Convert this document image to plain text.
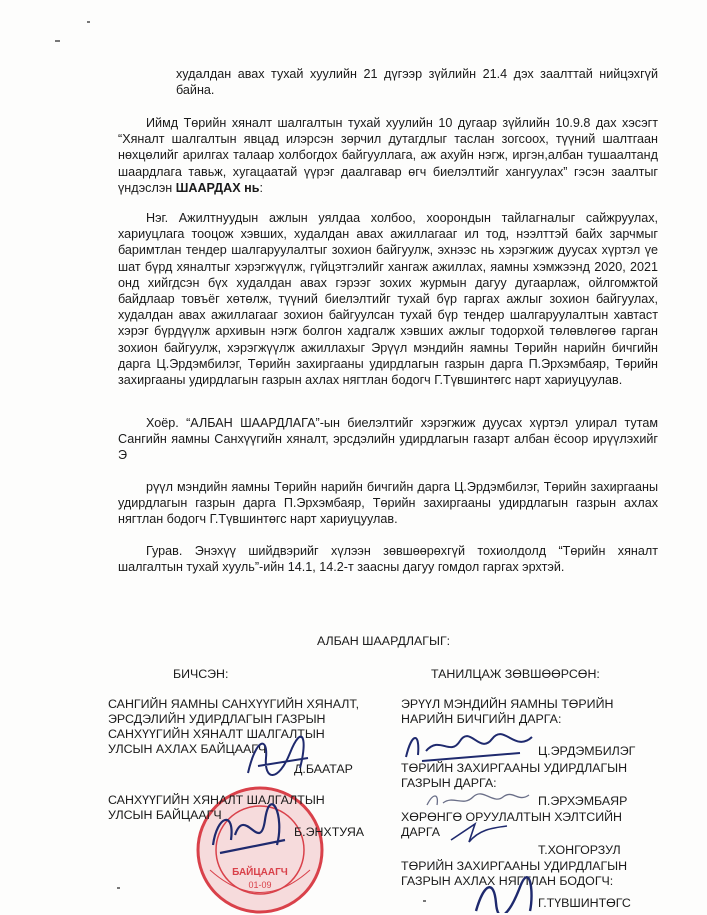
худалдан авах тухай хуулийн 21 дүгээр зүйлийн 21.4 дэх заалттай нийцэхгүй байна.

Иймд Төрийн хяналт шалгалтын тухай хуулийн 10 дугаар зүйлийн 10.9.8 дах хэсэгт “Хяналт шалгалтын явцад илэрсэн зөрчил дутагдлыг таслан зогсоох, түүний шалтгаан нөхцөлийг арилгах талаар холбогдох байгууллага, аж ахуйн нэгж, иргэн,албан тушаалтанд шаардлага тавьж, хугацаатай үүрэг даалгавар өгч биелэлтийг хангуулах” гэсэн заалтыг үндэслэн ШААРДАХ нь:

Нэг. Ажилтнуудын ажлын уялдаа холбоо, хоорондын тайлагналыг сайжруулах, хариуцлага тооцож хэвших, худалдан авах ажиллагааг ил тод, нээлттэй байх зарчмыг баримтлан тендер шалгаруулалтыг зохион байгуулж, эхнээс нь хэрэгжиж дуусах хүртэл үе шат бүрд хяналтыг хэрэгжүүлж, гүйцэтгэлийг хангаж ажиллах, яамны хэмжээнд 2020, 2021 онд хийгдсэн бүх худалдан авах гэрээг зохих журмын дагуу дугаарлаж, ойлгомжтой байдлаар товъёг хөтөлж, түүний биелэлтийг тухай бүр гаргах ажлыг зохион байгуулах, худалдан авах ажиллагааг зохион байгуулсан тухай бүр тендер шалгаруулалтын хавтаст хэрэг бүрдүүлж архивын нэгж болгон хадгалж хэвших ажлыг тодорхой төлөвлөгөө гарган зохион байгуулж, хэрэгжүүлж ажиллахыг Эрүүл мэндийн яамны Төрийн нарийн бичгийн дарга Ц.Эрдэмбилэг, Төрийн захиргааны удирдлагын газрын дарга П.Эрхэмбаяр, Төрийн захиргааны удирдлагын газрын ахлах нягтлан бодогч Г.Түвшинтөгс нарт хариуцуулав.

Хоёр. “АЛБАН ШААРДЛАГА”-ын биелэлтийг хэрэгжиж дуусах хүртэл улирал тутам Сангийн яамны Санхүүгийн хяналт, эрсдэлийн удирдлагын газарт албан ёсоор ирүүлэхийг Э

рүүл мэндийн яамны Төрийн нарийн бичгийн дарга Ц.Эрдэмбилэг, Төрийн захиргааны удирдлагын газрын дарга П.Эрхэмбаяр, Төрийн захиргааны удирдлагын газрын ахлах нягтлан бодогч Г.Түвшинтөгс нарт хариуцуулав.

Гурав. Энэхүү шийдвэрийг хүлээн зөвшөөрөхгүй тохиолдолд “Төрийн хяналт шалгалтын тухай хууль”-ийн 14.1, 14.2-т заасны дагуу гомдол гаргах эрхтэй.

АЛБАН ШААРДЛАГЫГ:
БИЧСЭН:	ТАНИЛЦАЖ ЗӨВШӨӨРСӨН:
БАЙЦААГЧ
01-09
САНГИЙН ЯАМНЫ САНХҮҮГИЙН ХЯНАЛТ,
ЭРСДЭЛИЙН УДИРДЛАГЫН ГАЗРЫН
САНХҮҮГИЙН ХЯНАЛТ ШАЛГАЛТЫН
УЛСЫН АХЛАХ БАЙЦААГЧ
Д.БААТАР
САНХҮҮГИЙН ХЯНАЛТ ШАЛГАЛТЫН
УЛСЫН БАЙЦААГЧ
Б.ЭНХТУЯА
ЭРҮҮЛ МЭНДИЙН ЯАМНЫ ТӨРИЙН
НАРИЙН БИЧГИЙН ДАРГА:
Ц.ЭРДЭМБИЛЭГ
ТӨРИЙН ЗАХИРГААНЫ УДИРДЛАГЫН
ГАЗРЫН ДАРГА:
П.ЭРХЭМБАЯР
ХӨРӨНГӨ ОРУУЛАЛТЫН ХЭЛТСИЙН
ДАРГА
Т.ХОНГОРЗУЛ
ТӨРИЙН ЗАХИРГААНЫ УДИРДЛАГЫН
ГАЗРЫН АХЛАХ НЯГТЛАН БОДОГЧ:
Г.ТҮВШИНТӨГС
